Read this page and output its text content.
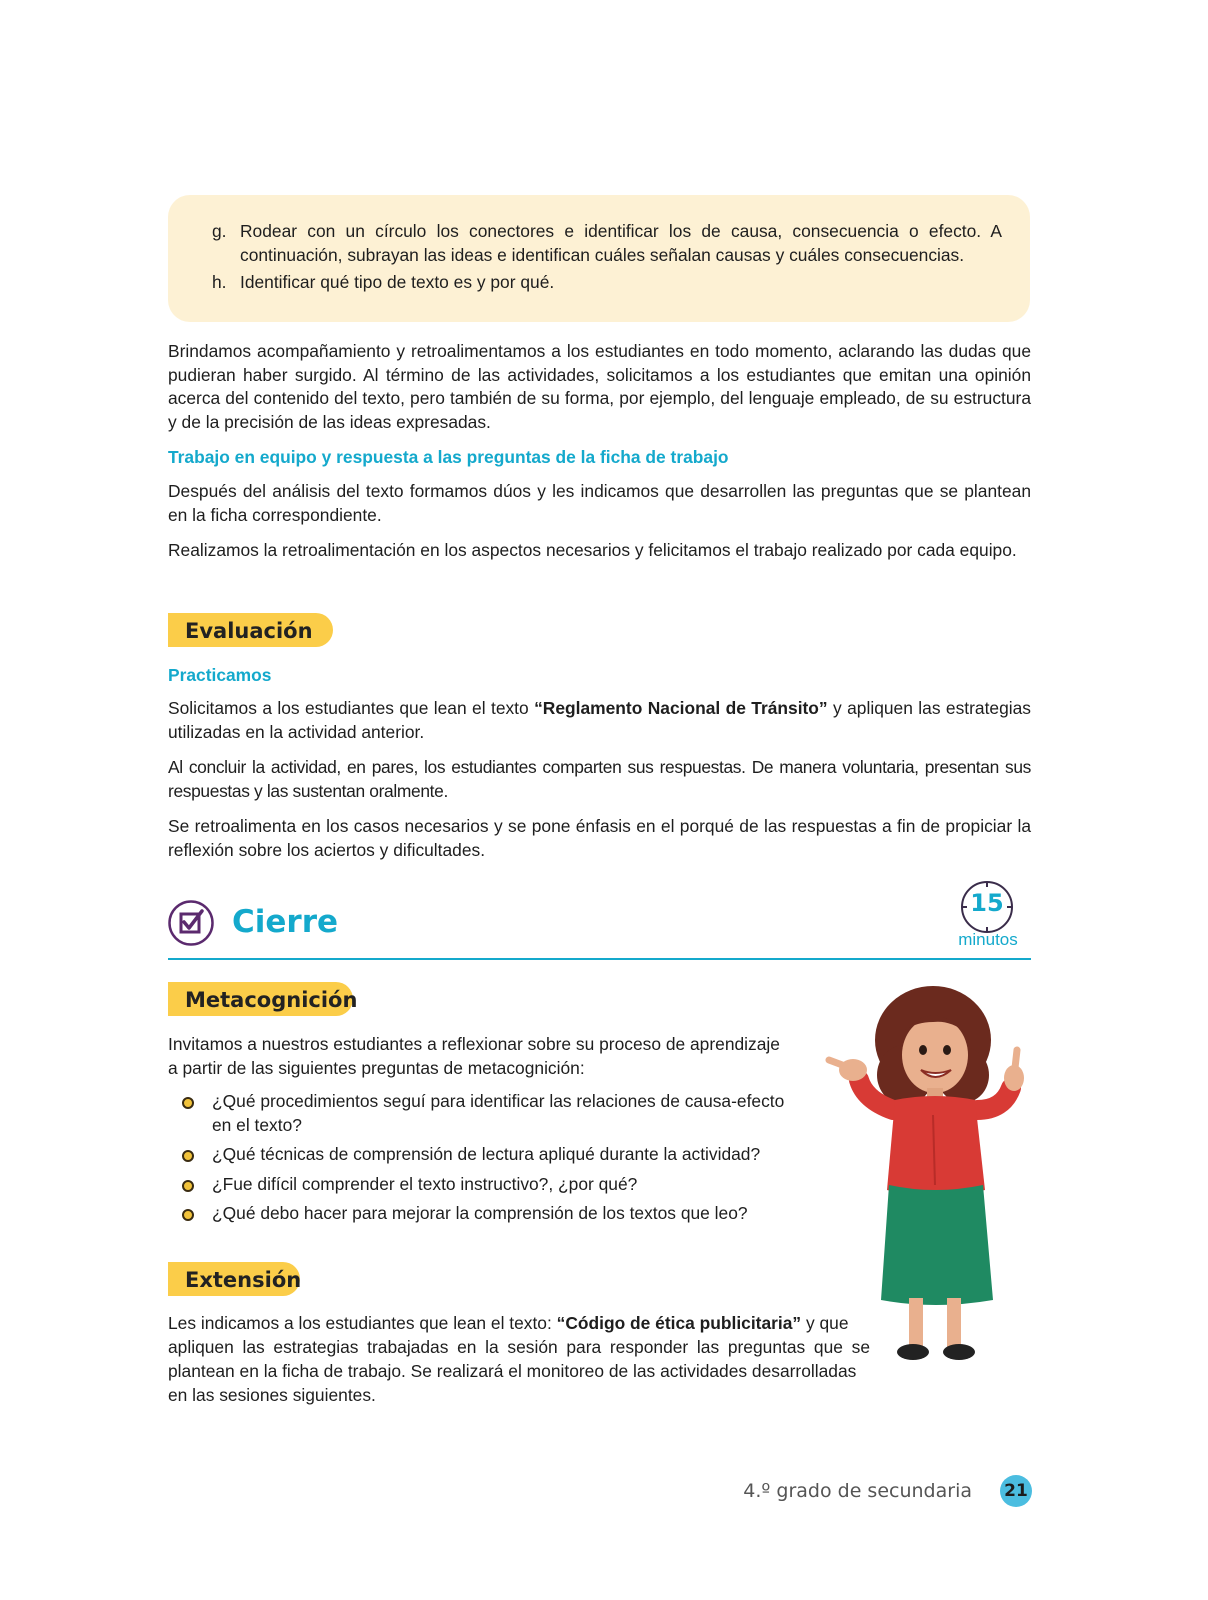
g. Rodear con un círculo los conectores e identificar los de causa, consecuencia o efecto. A
continuación, subrayan las ideas e identifican cuáles señalan causas y cuáles consecuencias.
h. Identificar qué tipo de texto es y por qué.

Brindamos acompañamiento y retroalimentamos a los estudiantes en todo momento, aclarando las dudas que pudieran haber surgido. Al término de las actividades, solicitamos a los estudiantes que emitan una opinión acerca del contenido del texto, pero también de su forma, por ejemplo, del lenguaje empleado, de su estructura y de la precisión de las ideas expresadas.

Trabajo en equipo y respuesta a las preguntas de la ficha de trabajo

Después del análisis del texto formamos dúos y les indicamos que desarrollen las preguntas que se plantean en la ficha correspondiente.

Realizamos la retroalimentación en los aspectos necesarios y felicitamos el trabajo realizado por cada equipo.

Evaluación

Practicamos

Solicitamos a los estudiantes que lean el texto “Reglamento Nacional de Tránsito” y apliquen las estrategias utilizadas en la actividad anterior.

Al concluir la actividad, en pares, los estudiantes comparten sus respuestas. De manera voluntaria, presentan sus respuestas y las sustentan oralmente.

Se retroalimenta en los casos necesarios y se pone énfasis en el porqué de las respuestas a fin de propiciar la reflexión sobre los aciertos y dificultades.

Cierre
15
minutos
Metacognición

Invitamos a nuestros estudiantes a reflexionar sobre su proceso de aprendizaje

a partir de las siguientes preguntas de metacognición:

¿Qué procedimientos seguí para identificar las relaciones de causa-efecto

en el texto?

¿Qué técnicas de comprensión de lectura apliqué durante la actividad?

¿Fue difícil comprender el texto instructivo?, ¿por qué?

¿Qué debo hacer para mejorar la comprensión de los textos que leo?

Extensión

Les indicamos a los estudiantes que lean el texto: “Código de ética publicitaria” y que

apliquen las estrategias trabajadas en la sesión para responder las preguntas que se

plantean en la ficha de trabajo. Se realizará el monitoreo de las actividades desarrolladas

en las sesiones siguientes.

4.º grado de secundaria 21
